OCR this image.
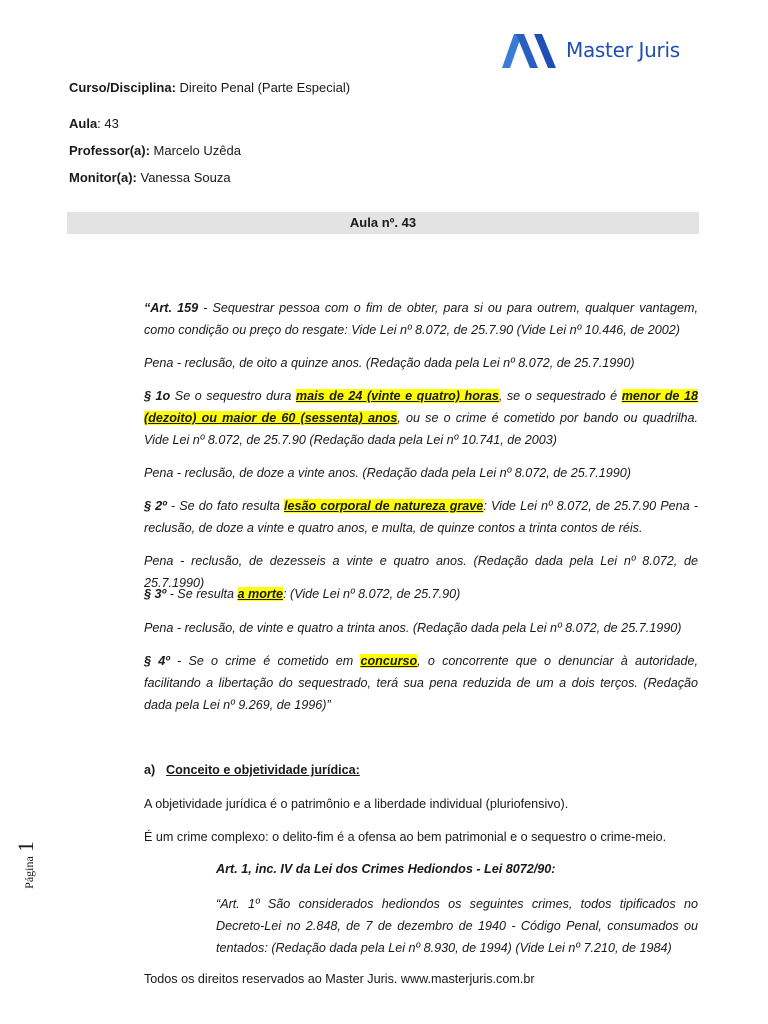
Master Juris
Curso/Disciplina: Direito Penal (Parte Especial)
Aula: 43
Professor(a): Marcelo Uzêda
Monitor(a): Vanessa Souza
Aula nº. 43
“Art. 159 - Sequestrar pessoa com o fim de obter, para si ou para outrem, qualquer vantagem, como condição ou preço do resgate: Vide Lei nº 8.072, de 25.7.90 (Vide Lei nº 10.446, de 2002)
Pena - reclusão, de oito a quinze anos. (Redação dada pela Lei nº 8.072, de 25.7.1990)
§ 1o Se o sequestro dura mais de 24 (vinte e quatro) horas, se o sequestrado é menor de 18 (dezoito) ou maior de 60 (sessenta) anos, ou se o crime é cometido por bando ou quadrilha. Vide Lei nº 8.072, de 25.7.90 (Redação dada pela Lei nº 10.741, de 2003)
Pena - reclusão, de doze a vinte anos. (Redação dada pela Lei nº 8.072, de 25.7.1990)
§ 2º - Se do fato resulta lesão corporal de natureza grave: Vide Lei nº 8.072, de 25.7.90 Pena - reclusão, de doze a vinte e quatro anos, e multa, de quinze contos a trinta contos de réis.
Pena - reclusão, de dezesseis a vinte e quatro anos. (Redação dada pela Lei nº 8.072, de 25.7.1990)
§ 3º - Se resulta a morte: (Vide Lei nº 8.072, de 25.7.90)
Pena - reclusão, de vinte e quatro a trinta anos. (Redação dada pela Lei nº 8.072, de 25.7.1990)
§ 4º - Se o crime é cometido em concurso, o concorrente que o denunciar à autoridade, facilitando a libertação do sequestrado, terá sua pena reduzida de um a dois terços. (Redação dada pela Lei nº 9.269, de 1996)”
a) Conceito e objetividade jurídica:
A objetividade jurídica é o patrimônio e a liberdade individual (pluriofensivo).
É um crime complexo: o delito-fim é a ofensa ao bem patrimonial e o sequestro o crime-meio.
Art. 1, inc. IV da Lei dos Crimes Hediondos - Lei 8072/90:
“Art. 1º São considerados hediondos os seguintes crimes, todos tipificados no Decreto-Lei no 2.848, de 7 de dezembro de 1940 - Código Penal, consumados ou tentados: (Redação dada pela Lei nº 8.930, de 1994) (Vide Lei nº 7.210, de 1984)
Todos os direitos reservados ao Master Juris. www.masterjuris.com.br
Página 1
